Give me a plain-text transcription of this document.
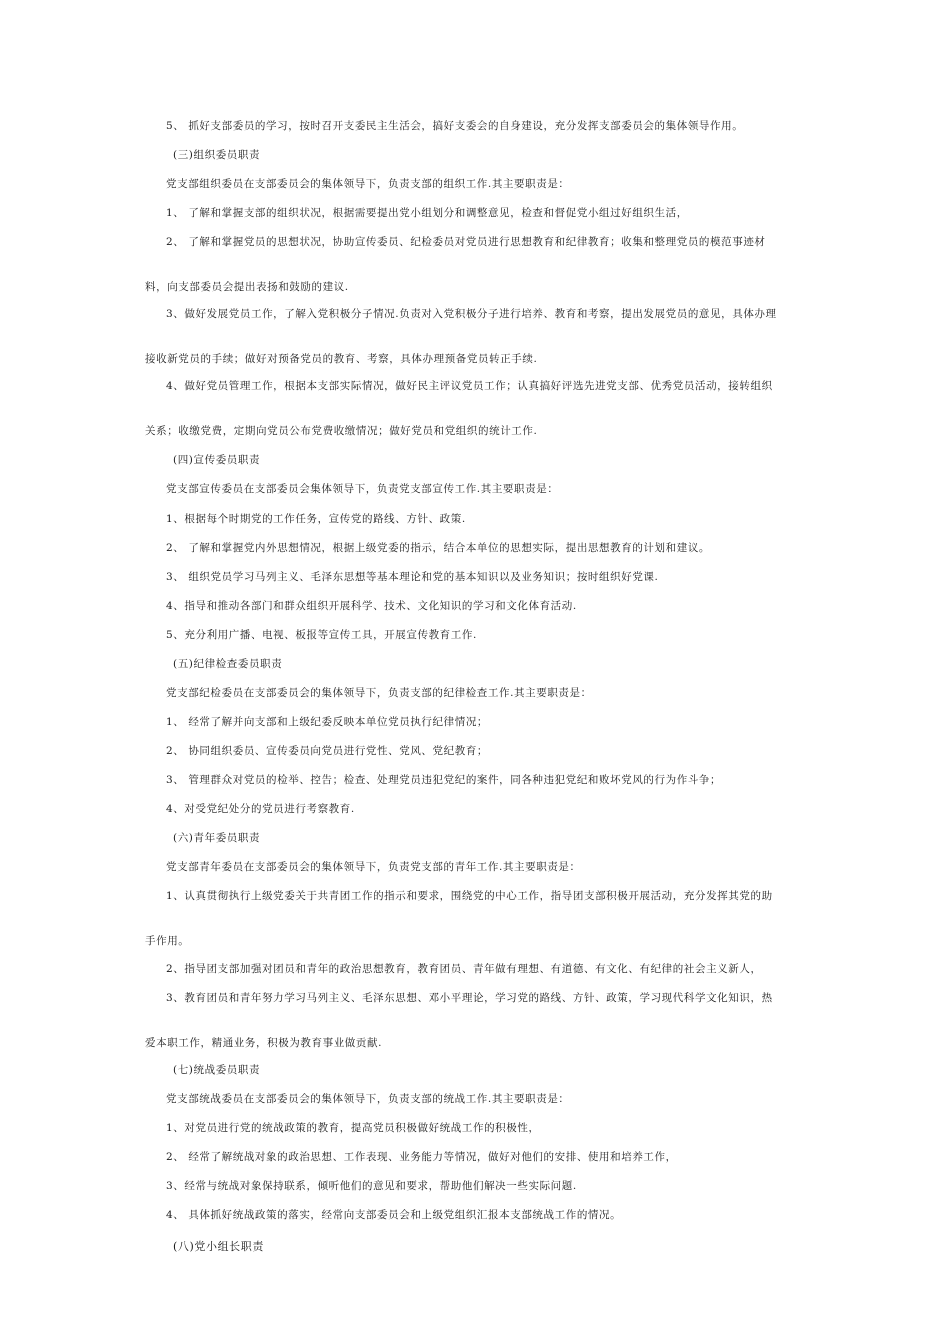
5、 抓好支部委员的学习，按时召开支委民主生活会，搞好支委会的自身建设，充分发挥支部委员会的集体领导作用。
(三)组织委员职责
党支部组织委员在支部委员会的集体领导下，负责支部的组织工作.其主要职责是：
1、 了解和掌握支部的组织状况，根据需要提出党小组划分和调整意见，检查和督促党小组过好组织生活，
2、 了解和掌握党员的思想状况，协助宣传委员、纪检委员对党员进行思想教育和纪律教育；收集和整理党员的模范事迹材
料，向支部委员会提出表扬和鼓励的建议.
3、做好发展党员工作，了解入党积极分子情况.负责对入党积极分子进行培养、教育和考察，提出发展党员的意见，具体办理
接收新党员的手续；做好对预备党员的教育、考察，具体办理预备党员转正手续.
4、做好党员管理工作，根据本支部实际情况，做好民主评议党员工作；认真搞好评选先进党支部、优秀党员活动，接转组织
关系；收缴党费，定期向党员公布党费收缴情况；做好党员和党组织的统计工作.
(四)宣传委员职责
党支部宣传委员在支部委员会集体领导下，负责党支部宣传工作.其主要职责是：
1、根据每个时期党的工作任务，宣传党的路线、方针、政策.
2、 了解和掌握党内外思想情况，根据上级党委的指示，结合本单位的思想实际，提出思想教育的计划和建议。
3、 组织党员学习马列主义、毛泽东思想等基本理论和党的基本知识以及业务知识；按时组织好党课.
4、指导和推动各部门和群众组织开展科学、技术、文化知识的学习和文化体育活动.
5、充分利用广播、电视、板报等宣传工具，开展宣传教育工作.
(五)纪律检查委员职责
党支部纪检委员在支部委员会的集体领导下，负责支部的纪律检查工作.其主要职责是：
1、 经常了解并向支部和上级纪委反映本单位党员执行纪律情况；
2、 协同组织委员、宣传委员向党员进行党性、党风、党纪教育；
3、 管理群众对党员的检举、控告；检查、处理党员违犯党纪的案件，同各种违犯党纪和败坏党风的行为作斗争；
4、对受党纪处分的党员进行考察教育.
(六)青年委员职责
党支部青年委员在支部委员会的集体领导下，负责党支部的青年工作.其主要职责是：
1、认真贯彻执行上级党委关于共青团工作的指示和要求，围绕党的中心工作，指导团支部积极开展活动，充分发挥其党的助
手作用。
2、指导团支部加强对团员和青年的政治思想教育，教育团员、青年做有理想、有道德、有文化、有纪律的社会主义新人，
3、教育团员和青年努力学习马列主义、毛泽东思想、邓小平理论，学习党的路线、方针、政策，学习现代科学文化知识，热
爱本职工作，精通业务，积极为教育事业做贡献.
(七)统战委员职责
党支部统战委员在支部委员会的集体领导下，负责支部的统战工作.其主要职责是：
1、对党员进行党的统战政策的教育，提高党员积极做好统战工作的积极性，
2、 经常了解统战对象的政治思想、工作表现、业务能力等情况，做好对他们的安排、使用和培养工作，
3、经常与统战对象保持联系，倾听他们的意见和要求，帮助他们解决一些实际问题.
4、 具体抓好统战政策的落实，经常向支部委员会和上级党组织汇报本支部统战工作的情况。
(八)党小组长职责
